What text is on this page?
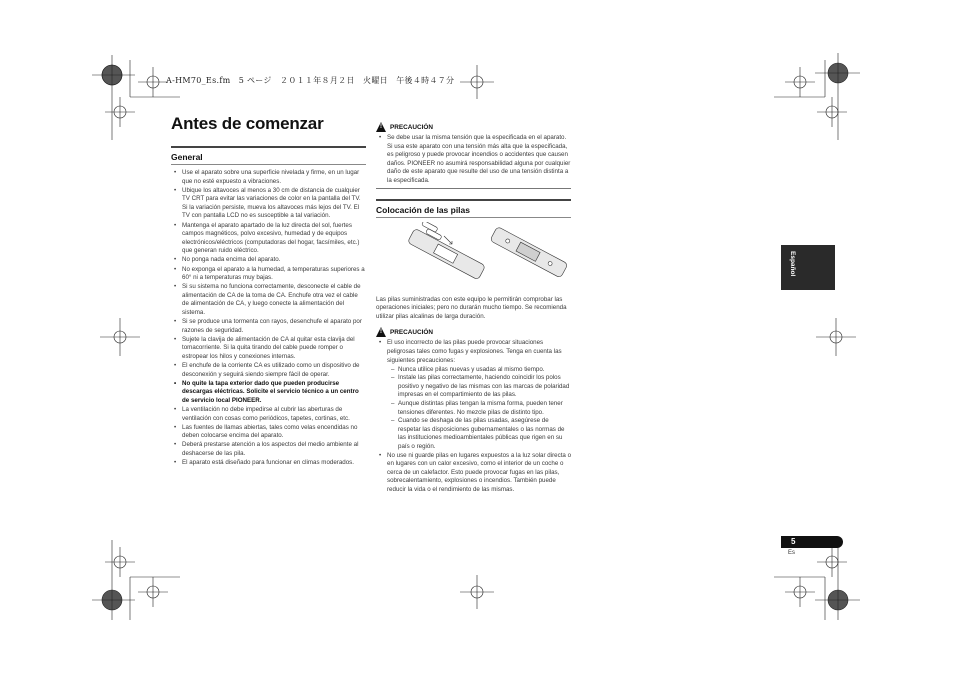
A-HM70_Es.fm　5 ページ　２０１１年８月２日　火曜日　午後４時４７分
Antes de comenzar
General
• Use el aparato sobre una superficie nivelada y firme, en un lugar que no esté expuesto a vibraciones.
• Ubique los altavoces al menos a 30 cm de distancia de cualquier TV CRT para evitar las variaciones de color en la pantalla del TV. Si la variación persiste, mueva los altavoces más lejos del TV. El TV con pantalla LCD no es susceptible a tal variación.
• Mantenga el aparato apartado de la luz directa del sol, fuertes campos magnéticos, polvo excesivo, humedad y de equipos electrónicos/eléctricos (computadoras del hogar, facsímiles, etc.) que generan ruido eléctrico.
• No ponga nada encima del aparato.
• No exponga el aparato a la humedad, a temperaturas superiores a 60° ni a temperaturas muy bajas.
• Si su sistema no funciona correctamente, desconecte el cable de alimentación de CA de la toma de CA. Enchufe otra vez el cable de alimentación de CA, y luego conecte la alimentación del sistema.
• Si se produce una tormenta con rayos, desenchufe el aparato por razones de seguridad.
• Sujete la clavija de alimentación de CA al quitar esta clavija del tomacorriente. Si la quita tirando del cable puede romper o estropear los hilos y conexiones internas.
• El enchufe de la corriente CA es utilizado como un dispositivo de desconexión y seguirá siendo siempre fácil de operar.
• No quite la tapa exterior dado que pueden producirse descargas eléctricas. Solicite el servicio técnico a un centro de servicio local PIONEER.
• La ventilación no debe impedirse al cubrir las aberturas de ventilación con cosas como periódicos, tapetes, cortinas, etc.
• Las fuentes de llamas abiertas, tales como velas encendidas no deben colocarse encima del aparato.
• Deberá prestarse atención a los aspectos del medio ambiente al deshacerse de las pila.
• El aparato está diseñado para funcionar en climas moderados.
! PRECAUCIÓN
• Se debe usar la misma tensión que la especificada en el aparato. Si usa este aparato con una tensión más alta que la especificada, es peligroso y puede provocar incendios o accidentes que causen daños. PIONEER no asumirá responsabilidad alguna por cualquier daño de este aparato que resulte del uso de una tensión distinta a la especificada.
Colocación de las pilas
Las pilas suministradas con este equipo le permitirán comprobar las operaciones iniciales; pero no durarán mucho tiempo. Se recomienda utilizar pilas alcalinas de larga duración.
! PRECAUCIÓN
• El uso incorrecto de las pilas puede provocar situaciones peligrosas tales como fugas y explosiones. Tenga en cuenta las siguientes precauciones:
– Nunca utilice pilas nuevas y usadas al mismo tiempo.
– Instale las pilas correctamente, haciendo coincidir los polos positivo y negativo de las mismas con las marcas de polaridad impresas en el compartimiento de las pilas.
– Aunque distintas pilas tengan la misma forma, pueden tener tensiones diferentes. No mezcle pilas de distinto tipo.
– Cuando se deshaga de las pilas usadas, asegúrese de respetar las disposiciones gubernamentales o las normas de las instituciones medioambientales públicas que rigen en su país o región.
• No use ni guarde pilas en lugares expuestos a la luz solar directa o en lugares con un calor excesivo, como el interior de un coche o cerca de un calefactor. Esto puede provocar fugas en las pilas, sobrecalentamiento, explosiones o incendios. También puede reducir la vida o el rendimiento de las mismas.
Español
5
Es
